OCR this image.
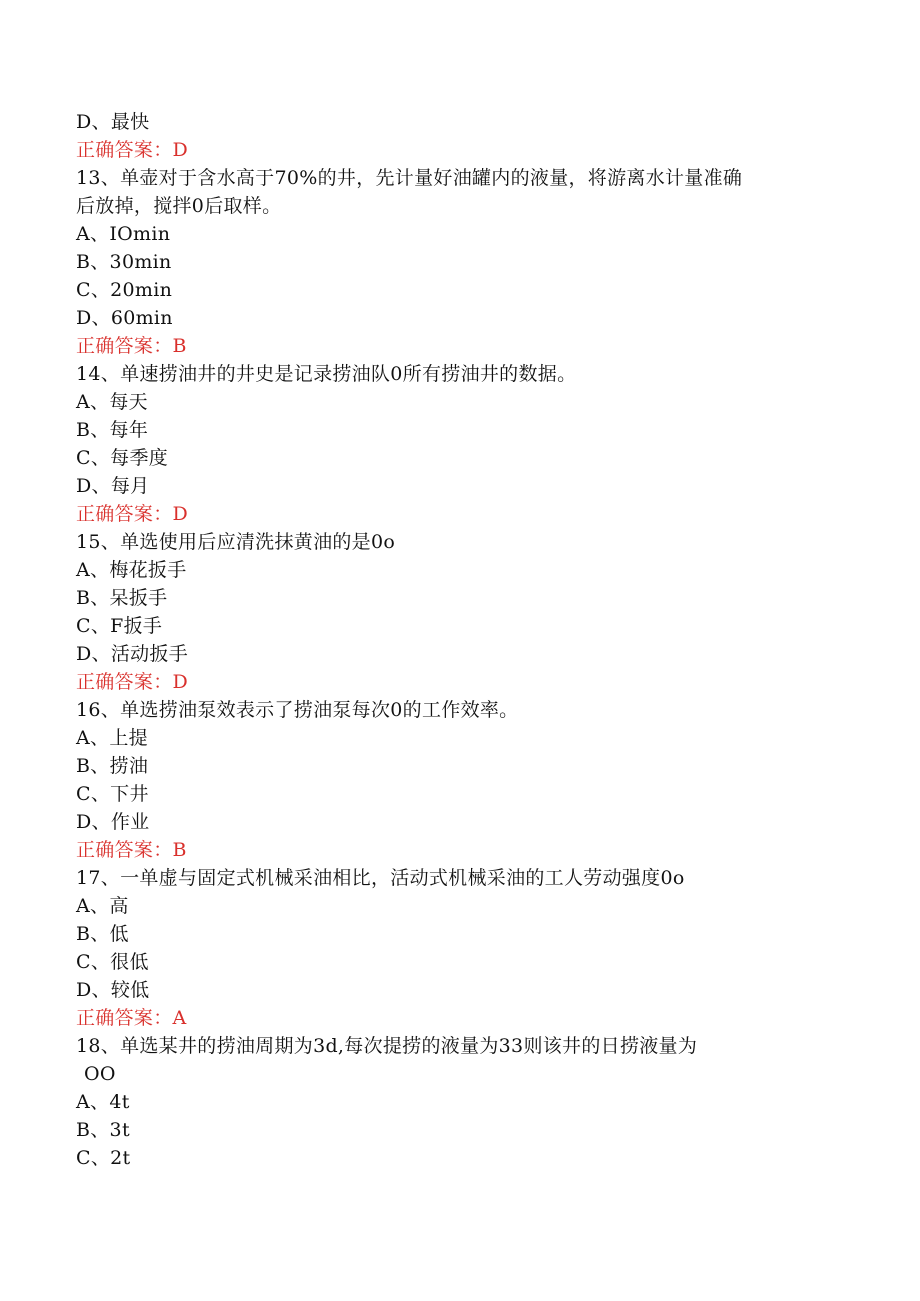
D、最快
正确答案：D
13、单壶对于含水高于70%的井，先计量好油罐内的液量，将游离水计量准确
后放掉，搅拌0后取样。
A、IOmin
B、30min
C、20min
D、60min
正确答案：B
14、单速捞油井的井史是记录捞油队0所有捞油井的数据。
A、每天
B、每年
C、每季度
D、每月
正确答案：D
15、单选使用后应清洗抹黄油的是0o
A、梅花扳手
B、呆扳手
C、F扳手
D、活动扳手
正确答案：D
16、单选捞油泵效表示了捞油泵每次0的工作效率。
A、上提
B、捞油
C、下井
D、作业
正确答案：B
17、一单虚与固定式机械采油相比，活动式机械采油的工人劳动强度0o
A、高
B、低
C、很低
D、较低
正确答案：A
18、单选某井的捞油周期为3d,每次提捞的液量为33则该井的日捞液量为
OO
A、4t
B、3t
C、2t
